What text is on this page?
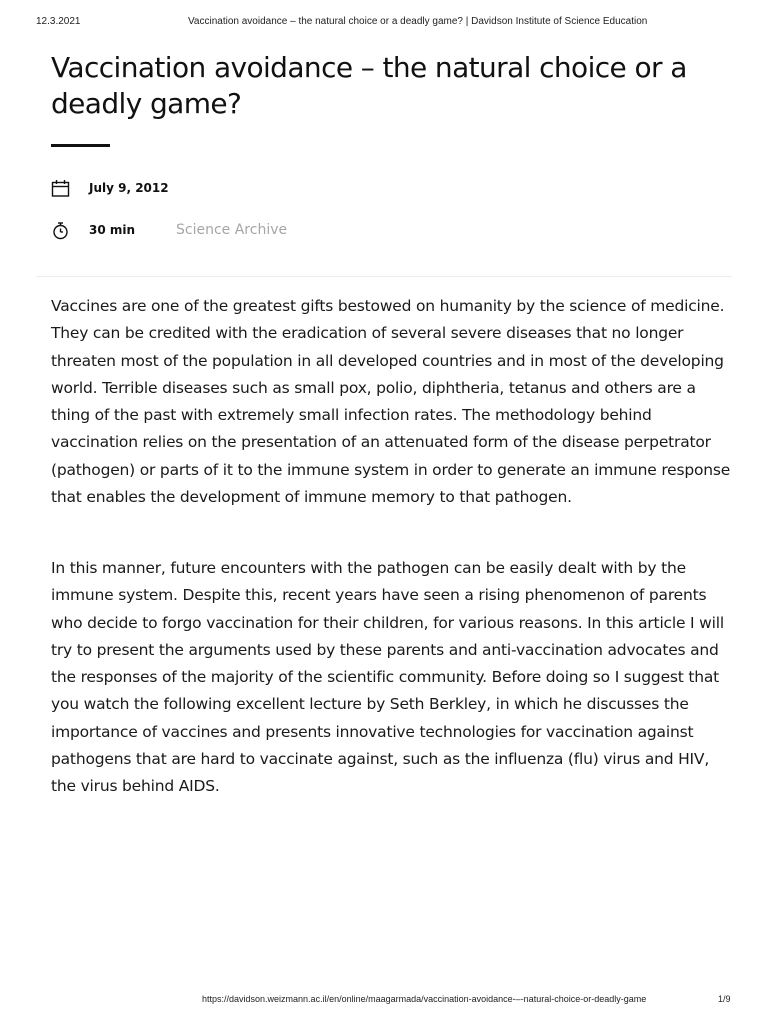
12.3.2021	Vaccination avoidance – the natural choice or a deadly game? | Davidson Institute of Science Education
Vaccination avoidance – the natural choice or a deadly game?
July 9, 2012
30 min	Science Archive

Vaccines are one of the greatest gifts bestowed on humanity by the science of medicine. They can be credited with the eradication of several severe diseases that no longer threaten most of the population in all developed countries and in most of the developing world. Terrible diseases such as small pox, polio, diphtheria, tetanus and others are a thing of the past with extremely small infection rates. The methodology behind vaccination relies on the presentation of an attenuated form of the disease perpetrator (pathogen) or parts of it to the immune system in order to generate an immune response that enables the development of immune memory to that pathogen.

In this manner, future encounters with the pathogen can be easily dealt with by the immune system. Despite this, recent years have seen a rising phenomenon of parents who decide to forgo vaccination for their children, for various reasons. In this article I will try to present the arguments used by these parents and anti-vaccination advocates and the responses of the majority of the scientific community. Before doing so I suggest that you watch the following excellent lecture by Seth Berkley, in which he discusses the importance of vaccines and presents innovative technologies for vaccination against pathogens that are hard to vaccinate against, such as the influenza (flu) virus and HIV, the virus behind AIDS.

https://davidson.weizmann.ac.il/en/online/maagarmada/vaccination-avoidance-–-natural-choice-or-deadly-game	1/9
